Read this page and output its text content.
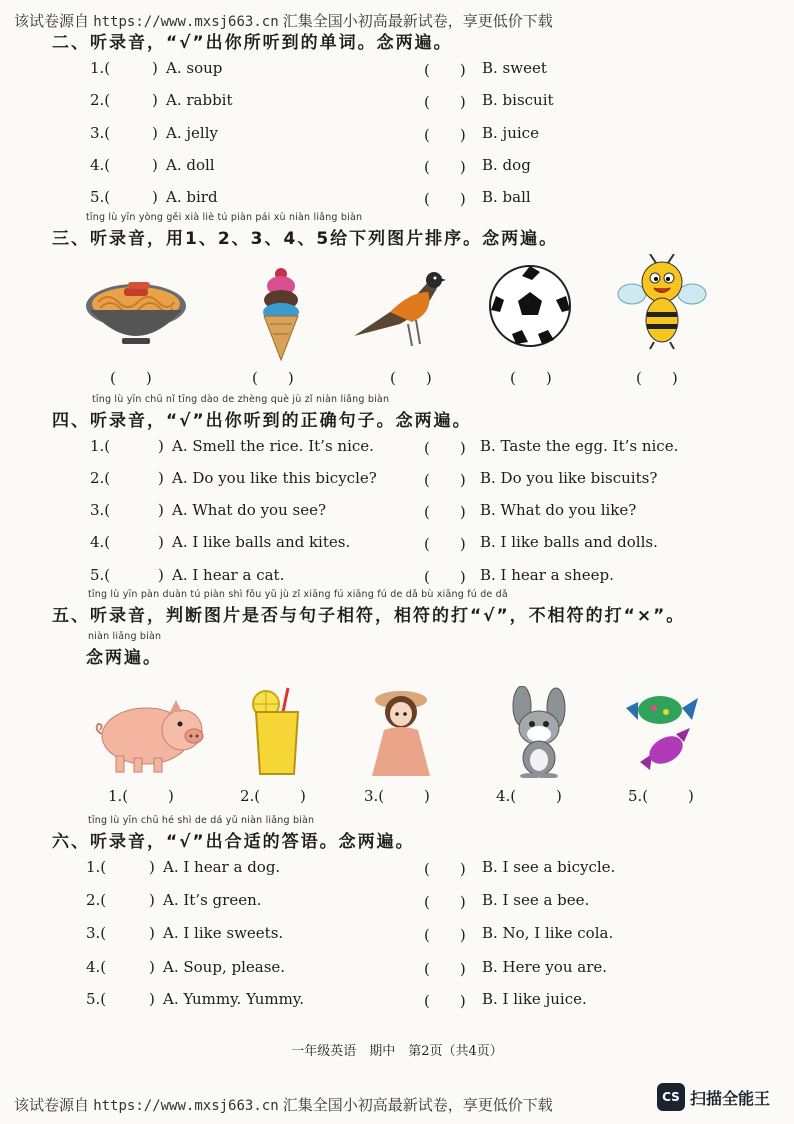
该试卷源自 https://www.mxsj663.cn 汇集全国小初高最新试卷，享更低价下载
二、听录音，“√”出你所听到的单词。念两遍。
1.(	) A. soup	(　　) B. sweet
2.(	) A. rabbit	(　　) B. biscuit
3.(	) A. jelly	(　　) B. juice
4.(	) A. doll	(　　) B. dog
5.(	) A. bird	(　　) B. ball
tīng lù yīn yòng gěi xià liè tú piàn pái xù niàn liǎng biàn
三、听录音，用1、2、3、4、5给下列图片排序。念两遍。
(　　)	(　　)	(　　)	(　　)	(　　)
tīng lù yīn chū nǐ tīng dào de zhèng què jù zǐ niàn liǎng biàn
四、听录音，“√”出你听到的正确句子。念两遍。
1.(	) A. Smell the rice. It’s nice.	(　　) B. Taste the egg. It’s nice.
2.(	) A. Do you like this bicycle?	(　　) B. Do you like biscuits?
3.(	) A. What do you see?	(　　) B. What do you like?
4.(	) A. I like balls and kites.	(　　) B. I like balls and dolls.
5.(	) A. I hear a cat.	(　　) B. I hear a sheep.
tīng lù yīn pàn duàn tú piàn shì fǒu yǔ jù zǐ xiāng fú xiāng fú de dǎ bù xiāng fú de dǎ
五、听录音，判断图片是否与句子相符，相符的打“√”，不相符的打“×”。
niàn liǎng biàn
念两遍。
1.(	)	2.(	)	3.(	)	4.(	)	5.(	)
tīng lù yīn chū hé shì de dá yǔ niàn liǎng biàn
六、听录音，“√”出合适的答语。念两遍。
1.(	) A. I hear a dog.	(　　) B. I see a bicycle.
2.(	) A. It’s green.	(　　) B. I see a bee.
3.(	) A. I like sweets.	(　　) B. No, I like cola.
4.(	) A. Soup, please.	(　　) B. Here you are.
5.(	) A. Yummy. Yummy.	(　　) B. I like juice.
一年级英语　期中　第2页（共4页）
该试卷源自 https://www.mxsj663.cn 汇集全国小初高最新试卷，享更低价下载	CS 扫描全能王
